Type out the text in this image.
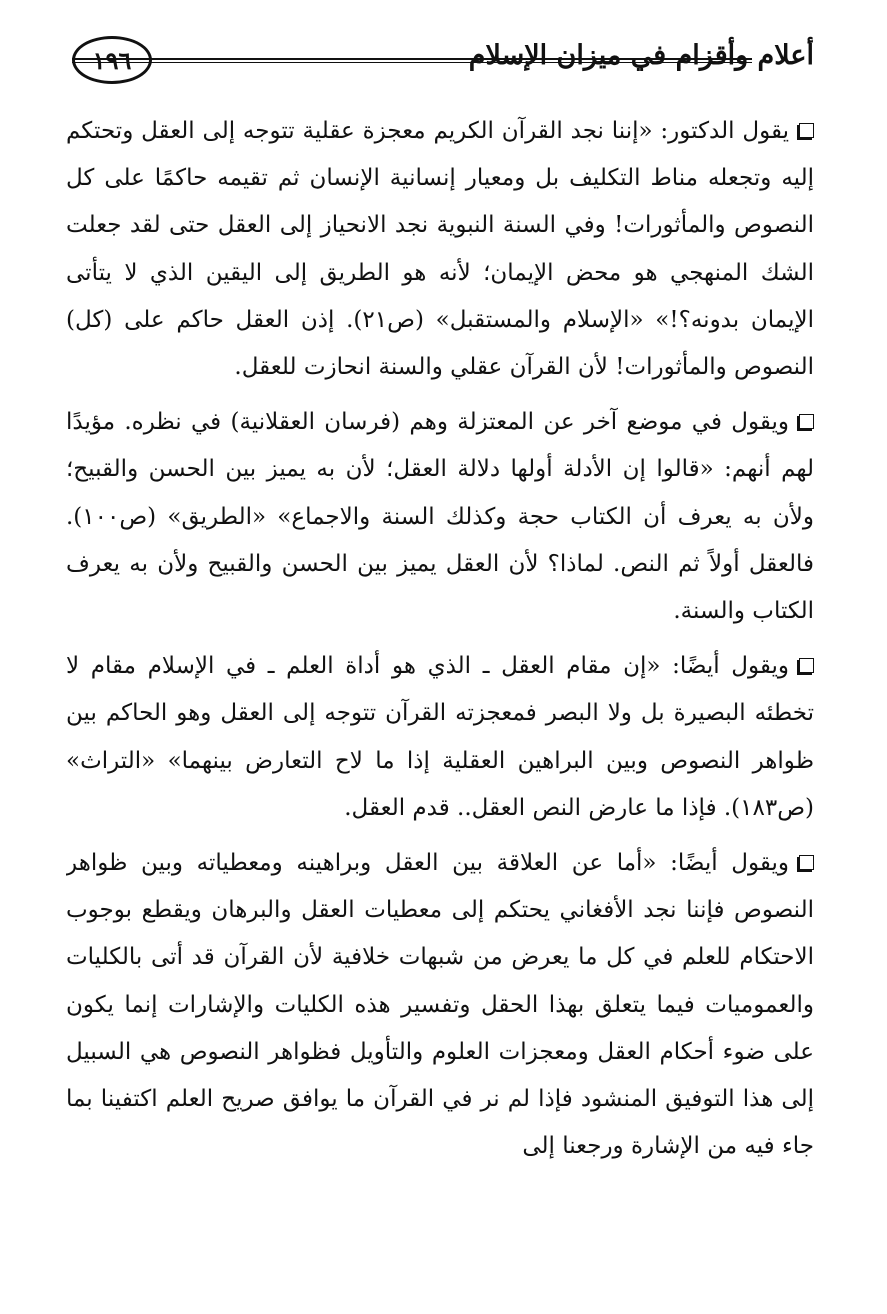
أعلام وأقزام في ميزان الإسلام
١٩٦

يقول الدكتور: «إننا نجد القرآن الكريم معجزة عقلية تتوجه إلى العقل وتحتكم إليه وتجعله مناط التكليف بل ومعيار إنسانية الإنسان ثم تقيمه حاكمًا على كل النصوص والمأثورات! وفي السنة النبوية نجد الانحياز إلى العقل حتى لقد جعلت الشك المنهجي هو محض الإيمان؛ لأنه هو الطريق إلى اليقين الذي لا يتأتى الإيمان بدونه؟!» «الإسلام والمستقبل» (ص٢١). إذن العقل حاكم على (كل) النصوص والمأثورات! لأن القرآن عقلي والسنة انحازت للعقل.

ويقول في موضع آخر عن المعتزلة وهم (فرسان العقلانية) في نظره. مؤيدًا لهم أنهم: «قالوا إن الأدلة أولها دلالة العقل؛ لأن به يميز بين الحسن والقبيح؛ ولأن به يعرف أن الكتاب حجة وكذلك السنة والاجماع» «الطريق» (ص١٠٠). فالعقل أولاً ثم النص. لماذا؟ لأن العقل يميز بين الحسن والقبيح ولأن به يعرف الكتاب والسنة.

ويقول أيضًا: «إن مقام العقل ـ الذي هو أداة العلم ـ في الإسلام مقام لا تخطئه البصيرة بل ولا البصر فمعجزته القرآن تتوجه إلى العقل وهو الحاكم بين ظواهر النصوص وبين البراهين العقلية إذا ما لاح التعارض بينهما» «التراث» (ص١٨٣). فإذا ما عارض النص العقل.. قدم العقل.

ويقول أيضًا: «أما عن العلاقة بين العقل وبراهينه ومعطياته وبين ظواهر النصوص فإننا نجد الأفغاني يحتكم إلى معطيات العقل والبرهان ويقطع بوجوب الاحتكام للعلم في كل ما يعرض من شبهات خلافية لأن القرآن قد أتى بالكليات والعموميات فيما يتعلق بهذا الحقل وتفسير هذه الكليات والإشارات إنما يكون على ضوء أحكام العقل ومعجزات العلوم والتأويل فظواهر النصوص هي السبيل إلى هذا التوفيق المنشود فإذا لم نر في القرآن ما يوافق صريح العلم اكتفينا بما جاء فيه من الإشارة ورجعنا إلى
